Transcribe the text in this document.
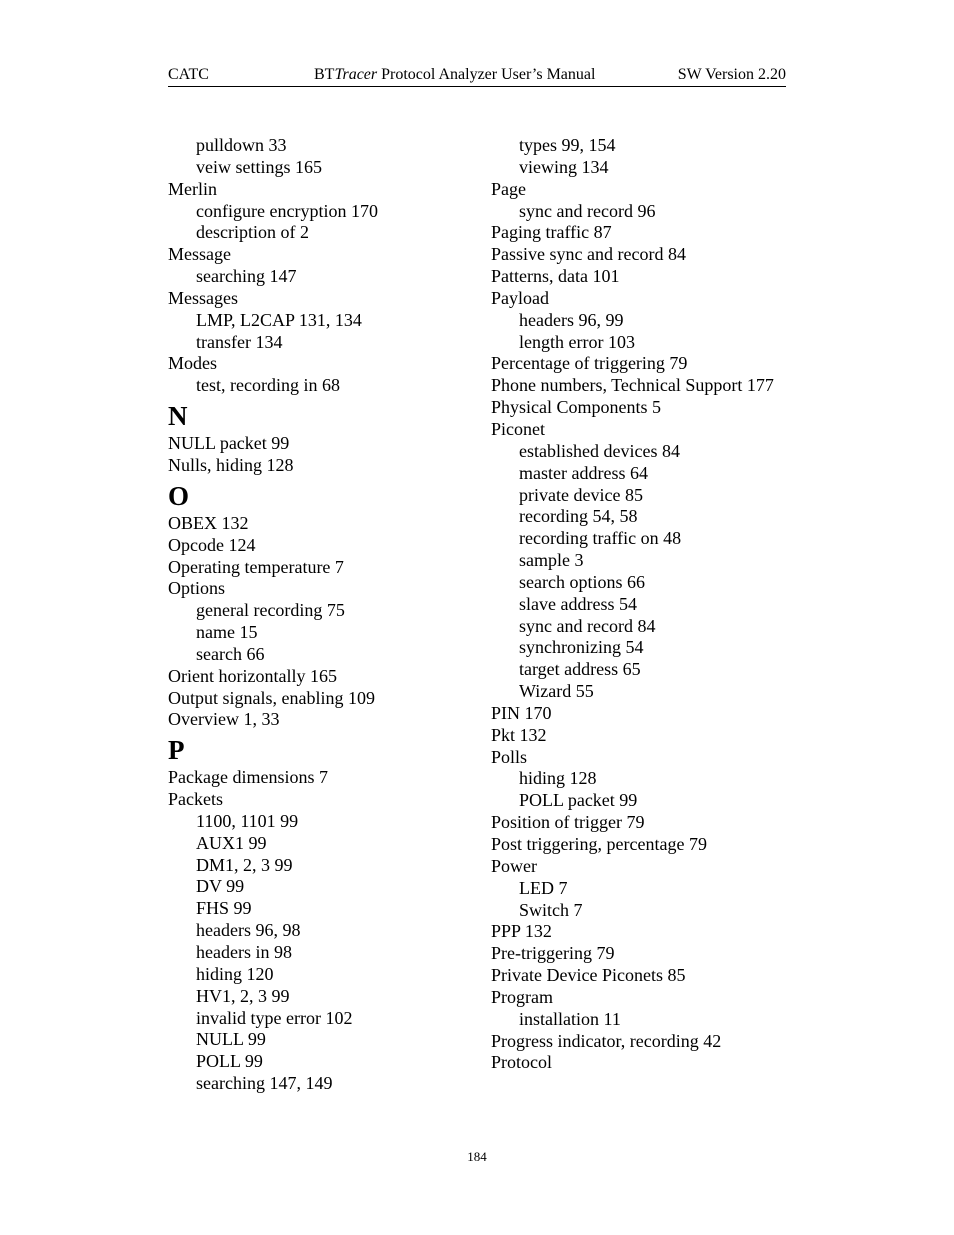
CATC	BTTracer Protocol Analyzer User’s Manual	SW Version 2.20
pulldown 33
veiw settings 165
Merlin
configure encryption 170
description of 2
Message
searching 147
Messages
LMP, L2CAP 131, 134
transfer 134
Modes
test, recording in 68
N
NULL packet 99
Nulls, hiding 128
O
OBEX 132
Opcode 124
Operating temperature 7
Options
general recording 75
name 15
search 66
Orient horizontally 165
Output signals, enabling 109
Overview 1, 33
P
Package dimensions 7
Packets
1100, 1101 99
AUX1 99
DM1, 2, 3 99
DV 99
FHS 99
headers 96, 98
headers in 98
hiding 120
HV1, 2, 3 99
invalid type error 102
NULL 99
POLL 99
searching 147, 149
types 99, 154
viewing 134
Page
sync and record 96
Paging traffic 87
Passive sync and record 84
Patterns, data 101
Payload
headers 96, 99
length error 103
Percentage of triggering 79
Phone numbers, Technical Support 177
Physical Components 5
Piconet
established devices 84
master address 64
private device 85
recording 54, 58
recording traffic on 48
sample 3
search options 66
slave address 54
sync and record 84
synchronizing 54
target address 65
Wizard 55
PIN 170
Pkt 132
Polls
hiding 128
POLL packet 99
Position of trigger 79
Post triggering, percentage 79
Power
LED 7
Switch 7
PPP 132
Pre-triggering 79
Private Device Piconets 85
Program
installation 11
Progress indicator, recording 42
Protocol
184
